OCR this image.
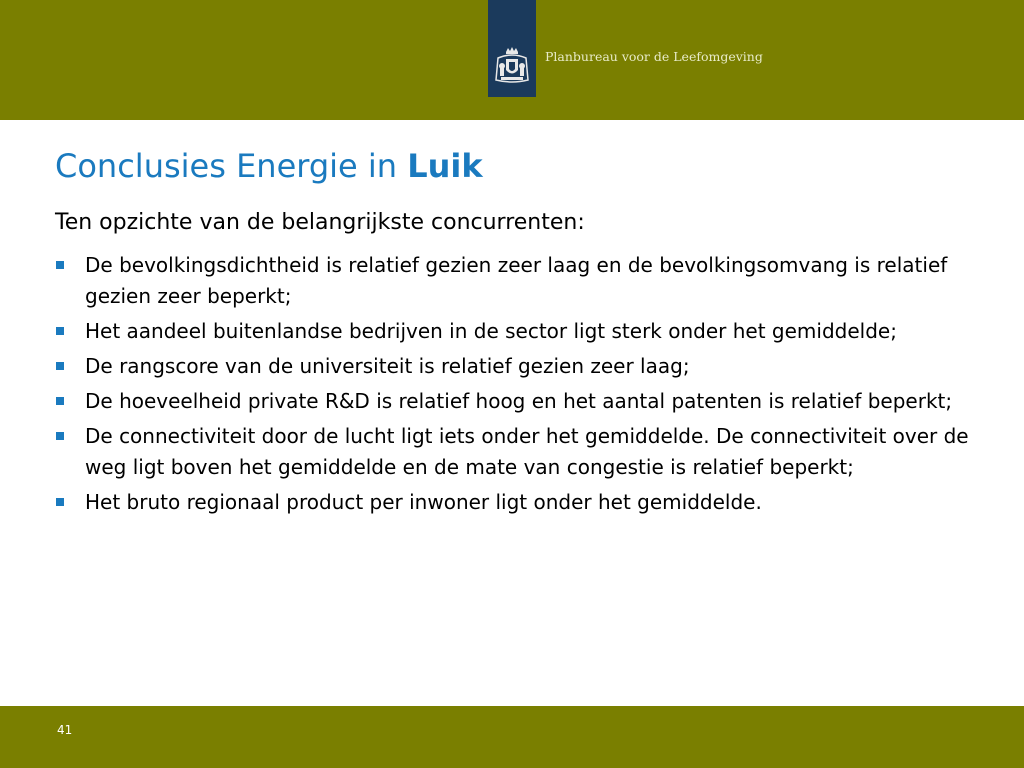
Planbureau voor de Leefomgeving
Conclusies Energie in Luik
Ten opzichte van de belangrijkste concurrenten:
De bevolkingsdichtheid is relatief gezien zeer laag en de bevolkingsomvang is relatief gezien zeer beperkt;
Het aandeel buitenlandse bedrijven in de sector ligt sterk onder het gemiddelde;
De rangscore van de universiteit is relatief gezien zeer laag;
De hoeveelheid private R&D is relatief hoog en het aantal patenten is relatief beperkt;
De connectiviteit door de lucht ligt iets onder het gemiddelde. De connectiviteit over de weg ligt boven het gemiddelde en de mate van congestie is relatief beperkt;
Het bruto regionaal product per inwoner ligt onder het gemiddelde.
41
